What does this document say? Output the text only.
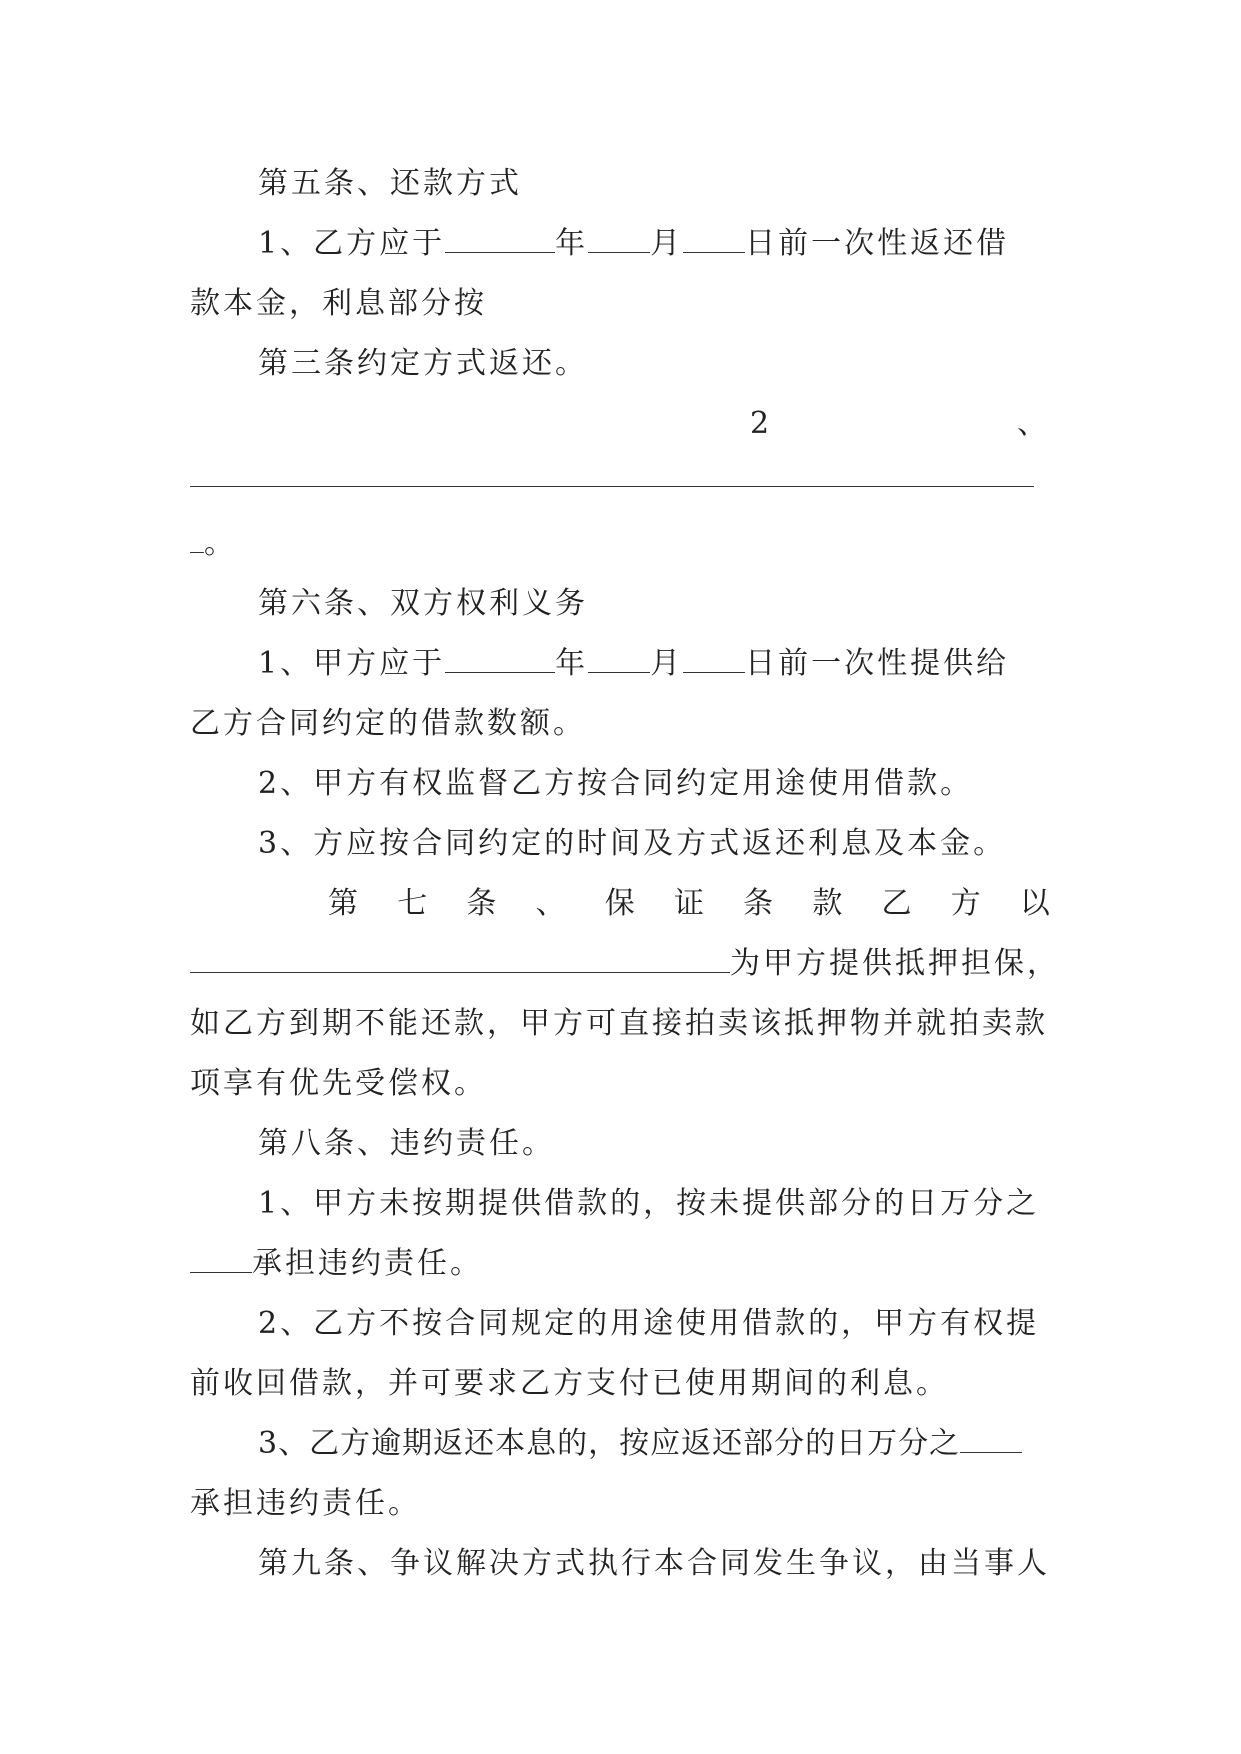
第五条、还款方式
1、乙方应于	年 月 日前一次性返还借
款本金，利息部分按
第三条约定方式返还。
2	、
。
第六条、双方权利义务
1、甲方应于	年 月 日前一次性提供给
乙方合同约定的借款数额。
2、甲方有权监督乙方按合同约定用途使用借款。
3、方应按合同约定的时间及方式返还利息及本金。
第 七 条 、 保 证 条 款 乙 方 以
为甲方提供抵押担保，
如乙方到期不能还款，甲方可直接拍卖该抵押物并就拍卖款
项享有优先受偿权。
第八条、违约责任。
1、甲方未按期提供借款的，按未提供部分的日万分之
承担违约责任。
2、乙方不按合同规定的用途使用借款的，甲方有权提
前收回借款，并可要求乙方支付已使用期间的利息。
3、乙方逾期返还本息的，按应返还部分的日万分之
承担违约责任。
第九条、争议解决方式执行本合同发生争议，由当事人
